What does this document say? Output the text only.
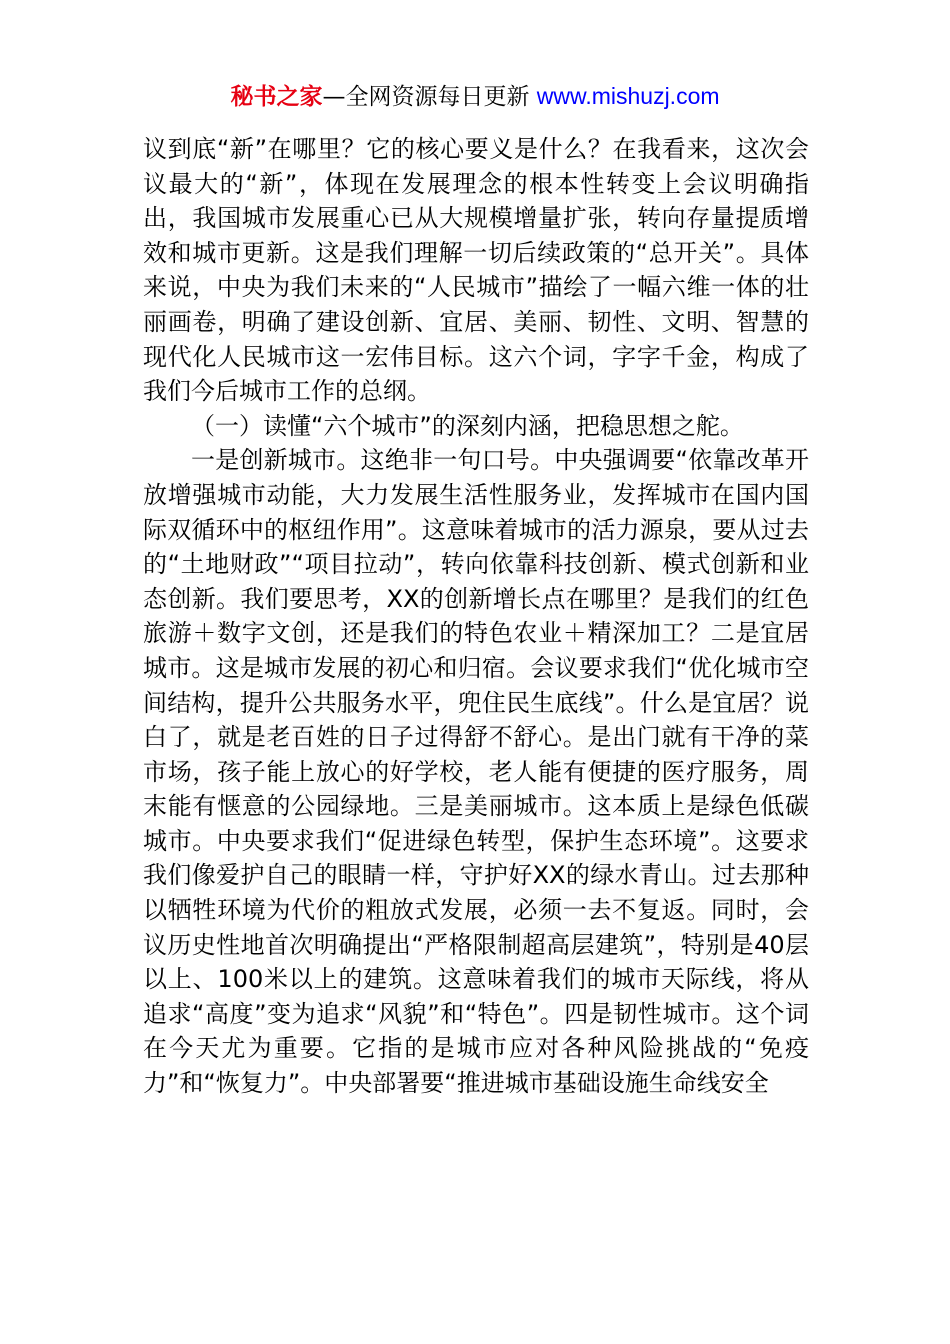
秘书之家—全网资源每日更新 www.mishuzj.com

议到底“新”在哪里？它的核心要义是什么？在我看来，这次会议最大的“新”，体现在发展理念的根本性转变上会议明确指出，我国城市发展重心已从大规模增量扩张，转向存量提质增效和城市更新。这是我们理解一切后续政策的“总开关”。具体来说，中央为我们未来的“人民城市”描绘了一幅六维一体的壮丽画卷，明确了建设创新、宜居、美丽、韧性、文明、智慧的现代化人民城市这一宏伟目标。这六个词，字字千金，构成了我们今后城市工作的总纲。

（一）读懂“六个城市”的深刻内涵，把稳思想之舵。

一是创新城市。这绝非一句口号。中央强调要“依靠改革开放增强城市动能，大力发展生活性服务业，发挥城市在国内国际双循环中的枢纽作用”。这意味着城市的活力源泉，要从过去的“土地财政”“项目拉动”，转向依靠科技创新、模式创新和业态创新。我们要思考，XX的创新增长点在哪里？是我们的红色旅游＋数字文创，还是我们的特色农业＋精深加工？二是宜居城市。这是城市发展的初心和归宿。会议要求我们“优化城市空间结构，提升公共服务水平，兜住民生底线”。什么是宜居？说白了，就是老百姓的日子过得舒不舒心。是出门就有干净的菜市场，孩子能上放心的好学校，老人能有便捷的医疗服务，周末能有惬意的公园绿地。三是美丽城市。这本质上是绿色低碳城市。中央要求我们“促进绿色转型，保护生态环境”。这要求我们像爱护自己的眼睛一样，守护好XX的绿水青山。过去那种以牺牲环境为代价的粗放式发展，必须一去不复返。同时，会议历史性地首次明确提出“严格限制超高层建筑”，特别是40层以上、100米以上的建筑。这意味着我们的城市天际线，将从追求“高度”变为追求“风貌”和“特色”。四是韧性城市。这个词在今天尤为重要。它指的是城市应对各种风险挑战的“免疫力”和“恢复力”。中央部署要“推进城市基础设施生命线安全
